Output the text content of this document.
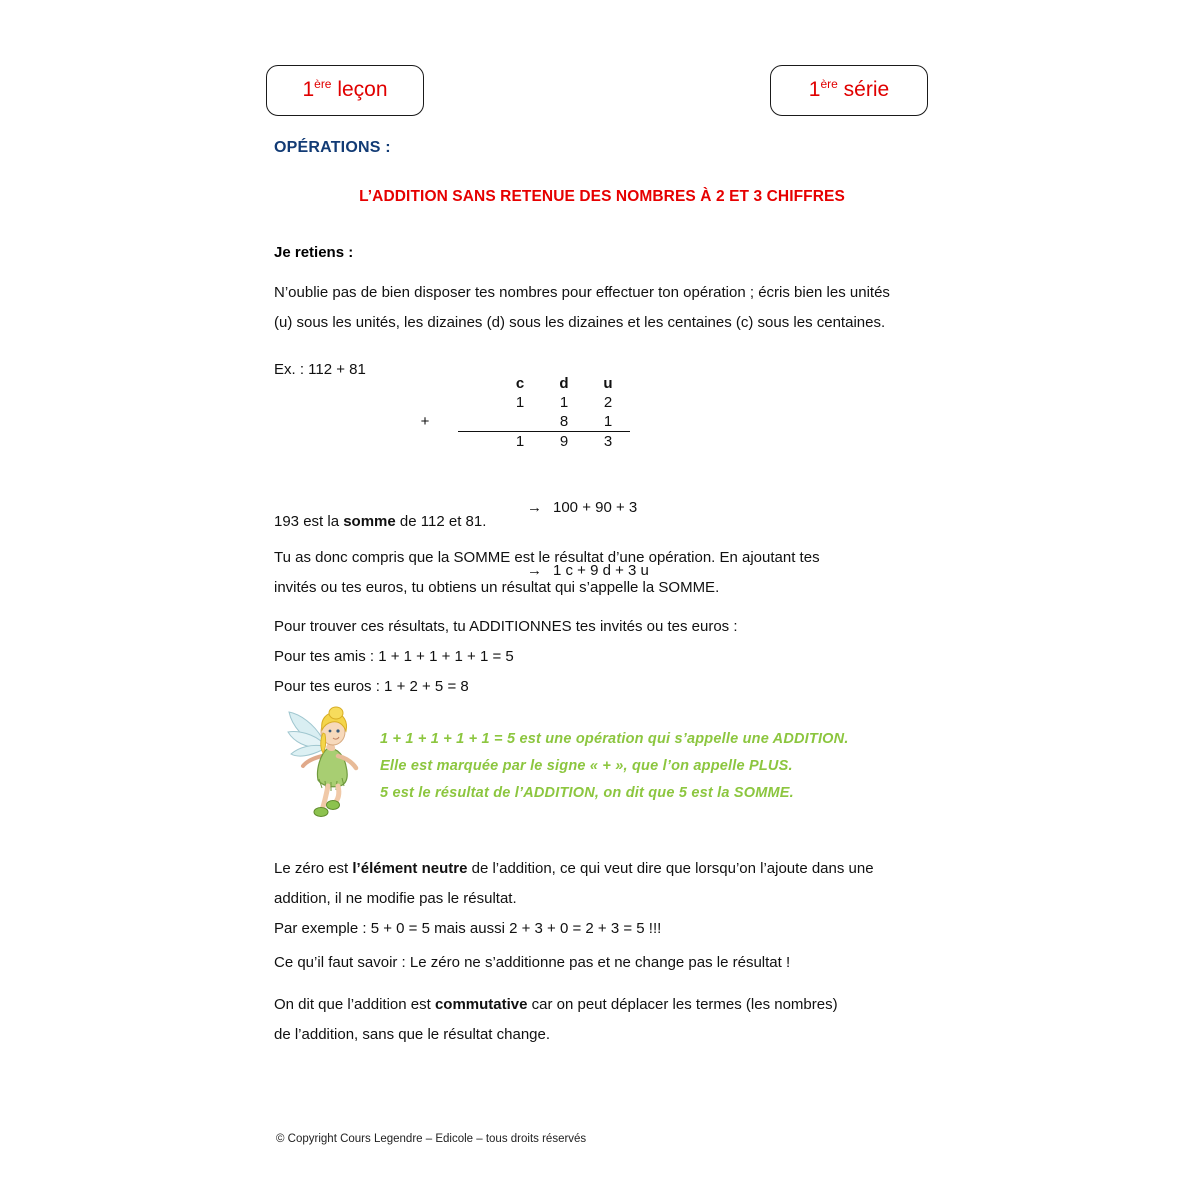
1ère leçon	1ère série
OPÉRATIONS :
L’ADDITION SANS RETENUE DES NOMBRES À 2 ET 3 CHIFFRES
Je retiens :
N’oublie pas de bien disposer tes nombres pour effectuer ton opération ; écris bien les unités
(u) sous les unités, les dizaines (d) sous les dizaines et les centaines (c) sous les centaines.
Ex. : 112 + 81
		c	d	u
		1	1	2
+			8	1
		1	9	3

→ 100 + 90 + 3

→ 1 c + 9 d + 3 u

193 est la somme de 112 et 81.
Tu as donc compris que la SOMME est le résultat d’une opération. En ajoutant tes
invités ou tes euros, tu obtiens un résultat qui s’appelle la SOMME.
Pour trouver ces résultats, tu ADDITIONNES tes invités ou tes euros :
Pour tes amis : 1 + 1 + 1 + 1 + 1 = 5
Pour tes euros : 1 + 2 + 5 = 8
1 + 1 + 1 + 1 + 1 = 5 est une opération qui s’appelle une ADDITION.
Elle est marquée par le signe « + », que l’on appelle PLUS.
5 est le résultat de l’ADDITION, on dit que 5 est la SOMME.
Le zéro est l’élément neutre de l’addition, ce qui veut dire que lorsqu’on l’ajoute dans une
addition, il ne modifie pas le résultat.
Par exemple : 5 + 0 = 5 mais aussi 2 + 3 + 0 = 2 + 3 = 5 !!!
Ce qu’il faut savoir : Le zéro ne s’additionne pas et ne change pas le résultat !
On dit que l’addition est commutative car on peut déplacer les termes (les nombres)
de l’addition, sans que le résultat change.
© Copyright Cours Legendre – Edicole – tous droits réservés
